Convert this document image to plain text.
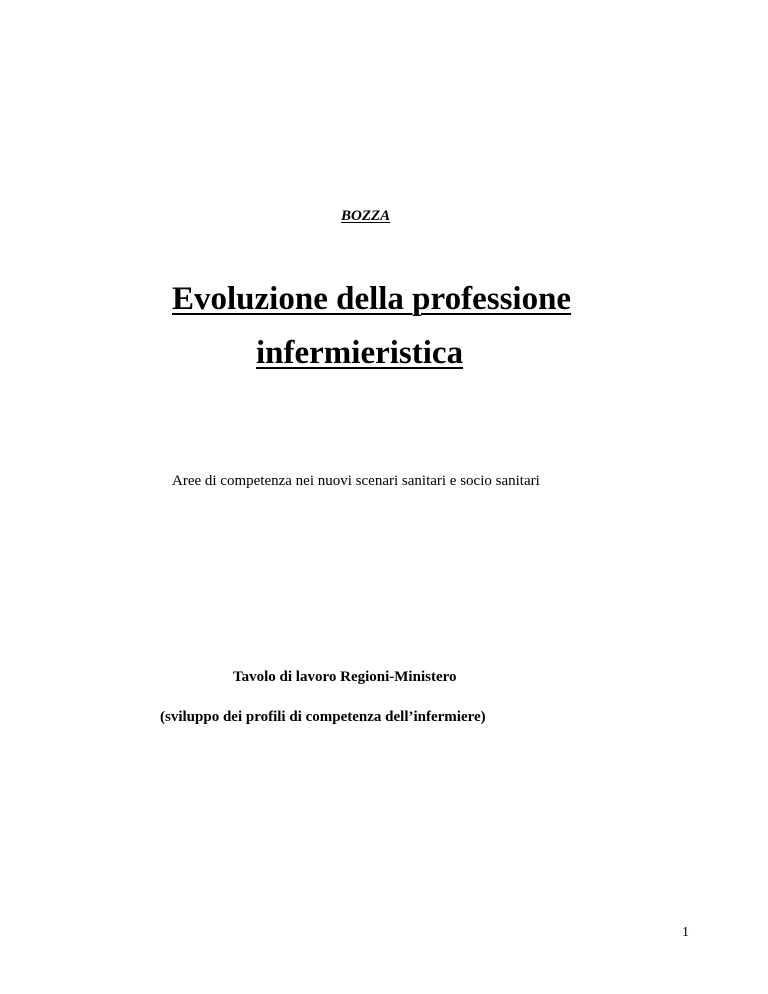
BOZZA
Evoluzione della professione
infermieristica
Aree di competenza nei nuovi scenari sanitari e socio sanitari
Tavolo di lavoro Regioni-Ministero
(sviluppo dei profili di competenza dell’infermiere)
1
